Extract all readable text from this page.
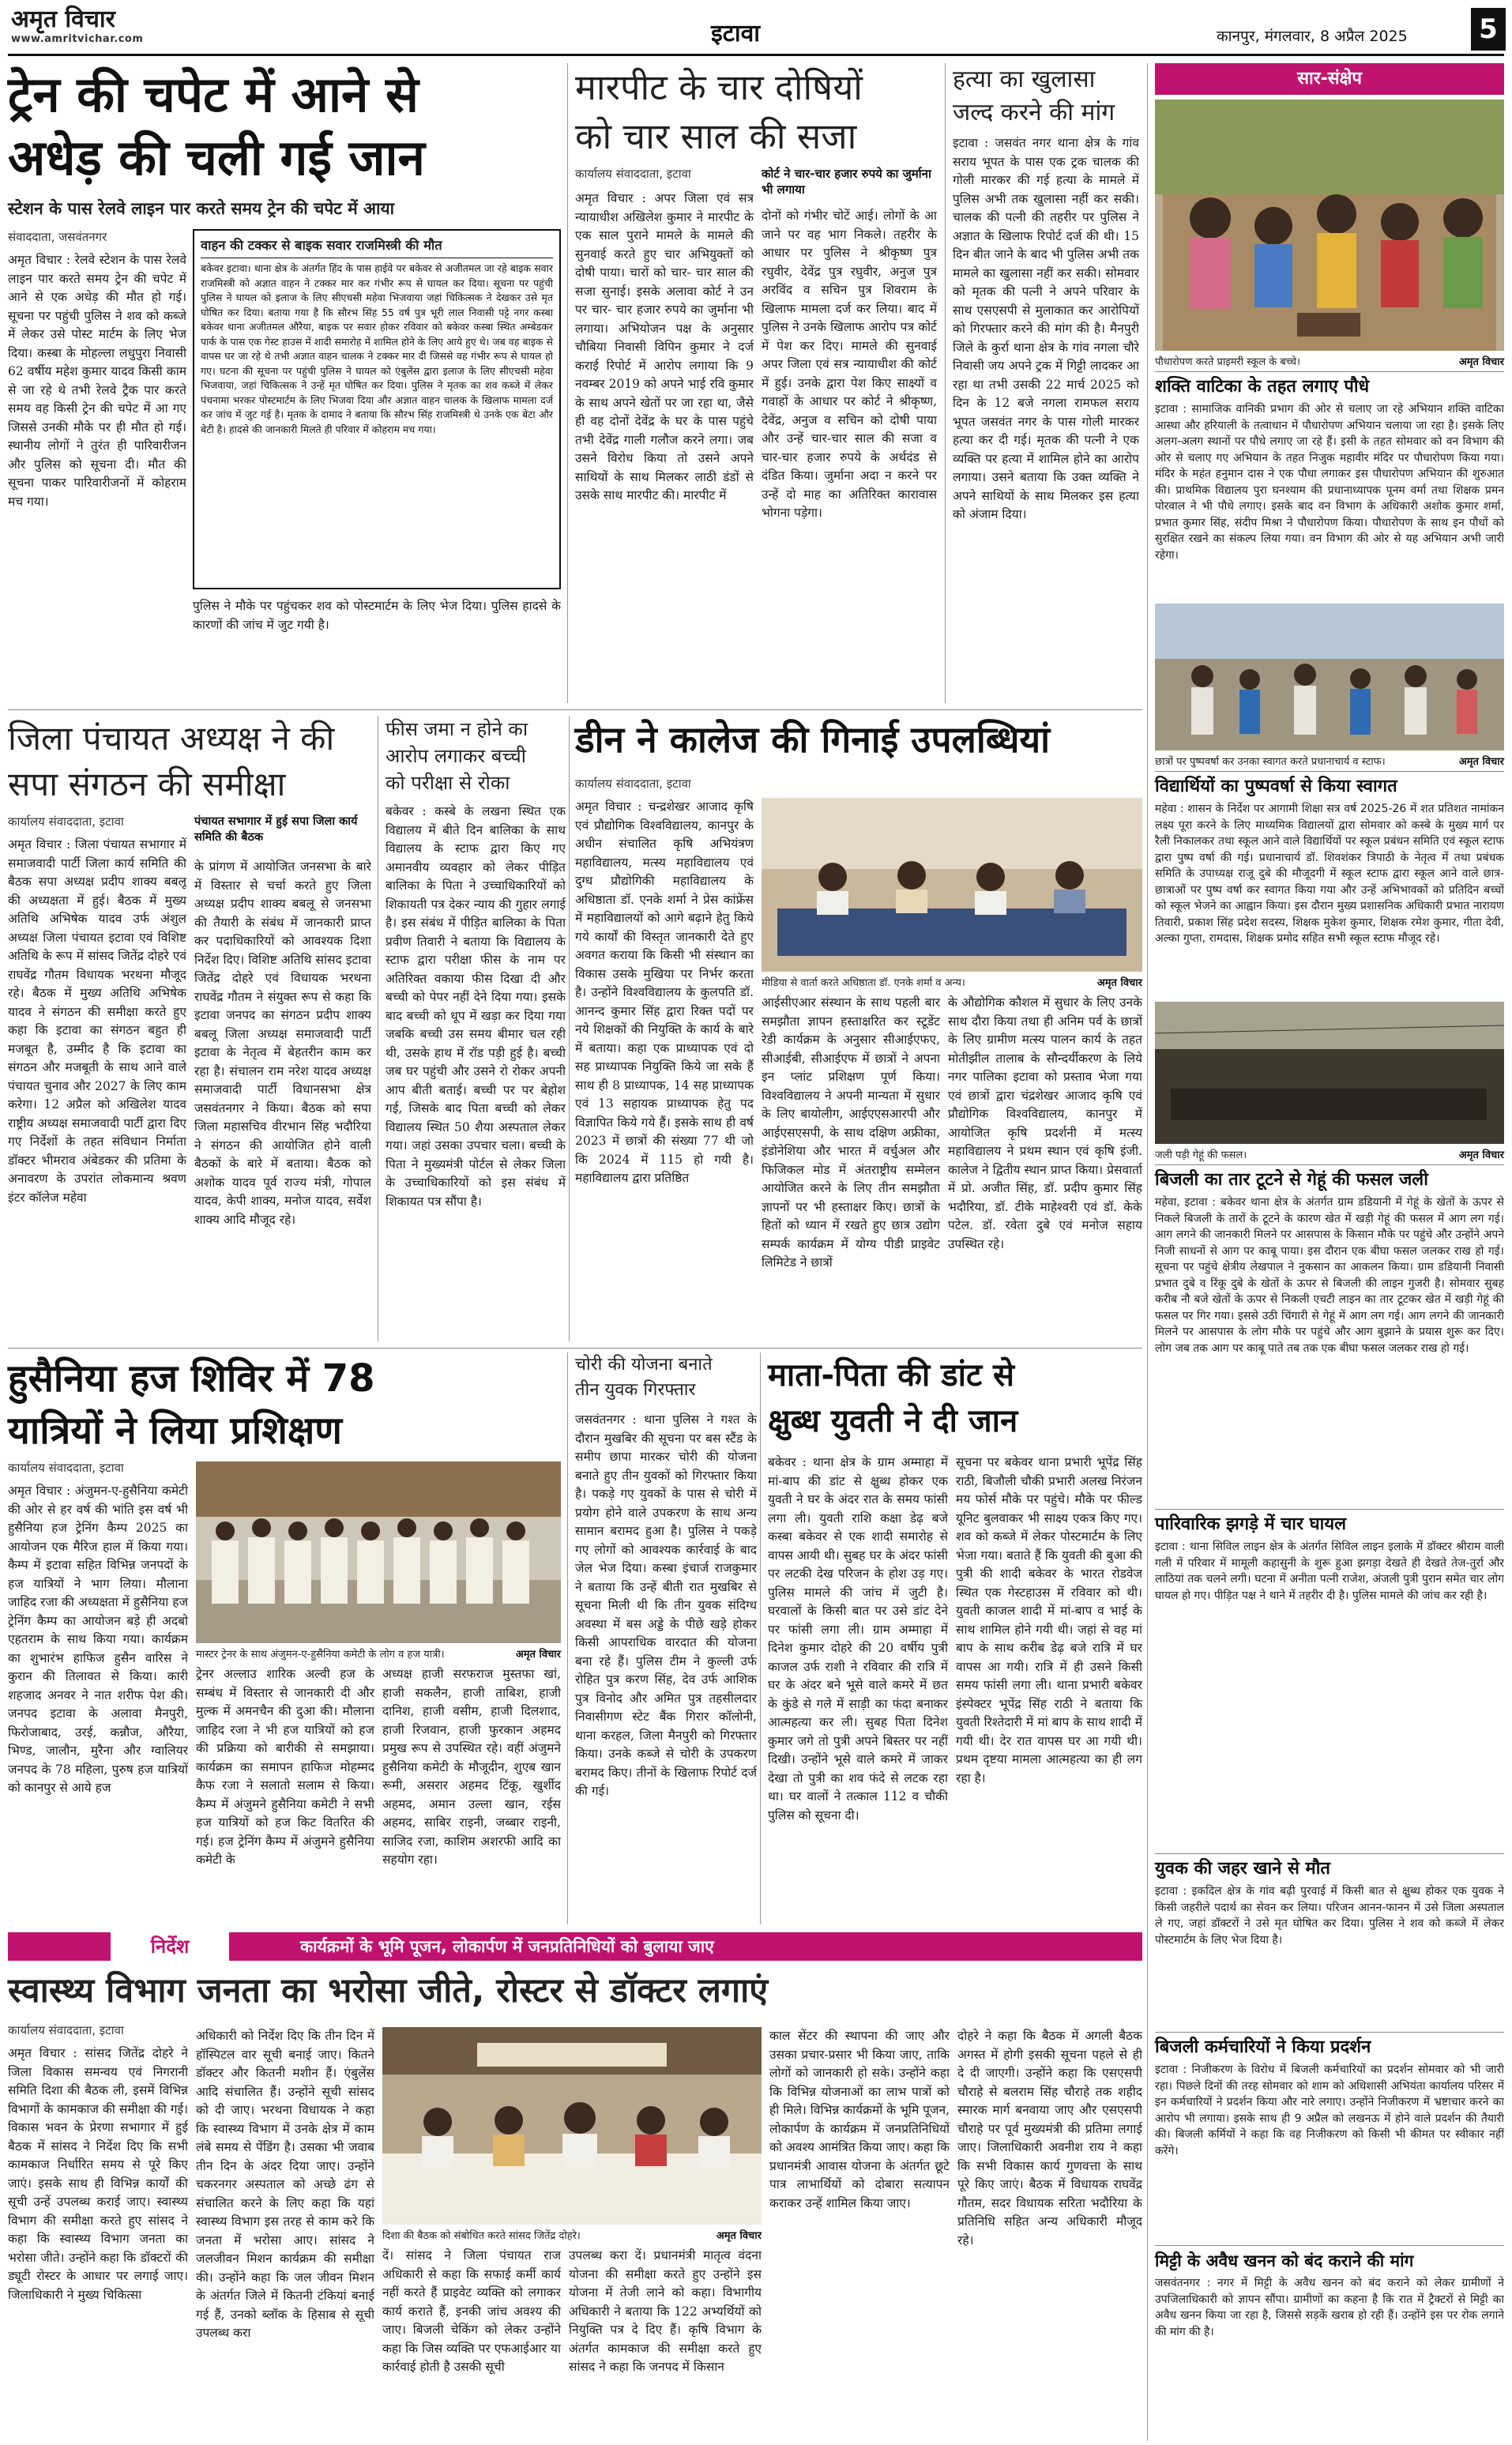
अमृत विचार
www.amritvichar.com	इटावा	कानपुर, मंगलवार, 8 अप्रैल 2025	5
ट्रेन की चपेट में आने से
अधेड़ की चली गई जान
स्टेशन के पास रेलवे लाइन पार करते समय ट्रेन की चपेट में आया
संवाददाता, जसवंतनगर
अमृत विचार : रेलवे स्टेशन के पास रेलवे लाइन पार करते समय ट्रेन की चपेट में आने से एक अधेड़ की मौत हो गई। सूचना पर पहुंची पुलिस ने शव को कब्जे में लेकर उसे पोस्ट मार्टम के लिए भेज दिया। कस्बा के मोहल्ला लधुपुरा निवासी 62 वर्षीय महेश कुमार यादव किसी काम से जा रहे थे तभी रेलवे ट्रैक पार करते समय वह किसी ट्रेन की चपेट में आ गए जिससे उनकी मौके पर ही मौत हो गई। स्थानीय लोगों ने तुरंत ही पारिवारीजन और पुलिस को सूचना दी। मौत की सूचना पाकर पारिवारीजनों में कोहराम मच गया।
वाहन की टक्कर से बाइक सवार राजमिस्त्री की मौत
बकेवर इटावा। थाना क्षेत्र के अंतर्गत हिंद के पास हाईवे पर बकेवर से अजीतमल जा रहे बाइक सवार राजमिस्त्री को अज्ञात वाहन ने टक्कर मार कर गंभीर रूप से घायल कर दिया। सूचना पर पहुंची पुलिस ने घायल को इलाज के लिए सीएचसी महेवा भिजवाया जहां चिकित्सक ने देखकर उसे मृत घोषित कर दिया। बताया गया है कि सौरभ सिंह 55 वर्ष पुत्र भूरी लाल निवासी पट्टे नगर कस्बा बकेवर थाना अजीतमल औरैया, बाइक पर सवार होकर रविवार को बकेवर कस्बा स्थित अम्बेडकर पार्क के पास एक गेस्ट हाउस में शादी समारोह में शामिल होने के लिए आये हुए थे। जब वह बाइक से वापस घर जा रहे थे तभी अज्ञात वाहन चालक ने टक्कर मार दी जिससे वह गंभीर रूप से घायल हो गए। घटना की सूचना पर पहुंची पुलिस ने घायल को एंबुलेंस द्वारा इलाज के लिए सीएचसी महेवा भिजवाया, जहां चिकित्सक ने उन्हें मृत घोषित कर दिया। पुलिस ने मृतक का शव कब्जे में लेकर पंचनामा भरकर पोस्टमार्टम के लिए भिजवा दिया और अज्ञात वाहन चालक के खिलाफ मामला दर्ज कर जांच में जुट गई है। मृतक के दामाद ने बताया कि सौरभ सिंह राजमिस्त्री थे उनके एक बेटा और बेटी है। हादसे की जानकारी मिलते ही परिवार में कोहराम मच गया।
पुलिस ने मौके पर पहुंचकर शव को पोस्टमार्टम के लिए भेज दिया। पुलिस हादसे के कारणों की जांच में जुट गयी है।
मारपीट के चार दोषियों
को चार साल की सजा
कार्यालय संवाददाता, इटावा	कोर्ट ने चार-चार हजार रुपये का जुर्माना भी लगाया
अमृत विचार : अपर जिला एवं सत्र न्यायाधीश अखिलेश कुमार ने मारपीट के एक साल पुराने मामले के मामले की सुनवाई करते हुए चार अभियुक्तों को दोषी पाया। चारों को चार- चार साल की सजा सुनाई। इसके अलावा कोर्ट ने उन पर चार- चार हजार रुपये का जुर्माना भी लगाया। अभियोजन पक्ष के अनुसार चौबिया निवासी विपिन कुमार ने दर्ज कराई रिपोर्ट में आरोप लगाया कि 9 नवम्बर 2019 को अपने भाई रवि कुमार के साथ अपने खेतों पर जा रहा था, जैसे ही वह दोनों देवेंद्र के घर के पास पहुंचे तभी देवेंद्र गाली गलौज करने लगा। जब उसने विरोध किया तो उसने अपने साथियों के साथ मिलकर लाठी डंडों से उसके साथ मारपीट की। मारपीट में
दोनों को गंभीर चोटें आई। लोगों के आ जाने पर वह भाग निकले। तहरीर के आधार पर पुलिस ने श्रीकृष्ण पुत्र रघुवीर, देवेंद्र पुत्र रघुवीर, अनुज पुत्र अरविंद व सचिन पुत्र शिवराम के खिलाफ मामला दर्ज कर लिया। बाद में पुलिस ने उनके खिलाफ आरोप पत्र कोर्ट में पेश कर दिए। मामले की सुनवाई अपर जिला एवं सत्र न्यायाधीश की कोर्ट में हुई। उनके द्वारा पेश किए साक्ष्यों व गवाहों के आधार पर कोर्ट ने श्रीकृष्ण, देवेंद्र, अनुज व सचिन को दोषी पाया और उन्हें चार-चार साल की सजा व चार-चार हजार रुपये के अर्थदंड से दंडित किया। जुर्माना अदा न करने पर उन्हें दो माह का अतिरिक्त कारावास भोगना पड़ेगा।
हत्या का खुलासा
जल्द करने की मांग
इटावा : जसवंत नगर थाना क्षेत्र के गांव सराय भूपत के पास एक ट्रक चालक की गोली मारकर की गई हत्या के मामले में पुलिस अभी तक खुलासा नहीं कर सकी। चालक की पत्नी की तहरीर पर पुलिस ने अज्ञात के खिलाफ रिपोर्ट दर्ज की थी। 15 दिन बीत जाने के बाद भी पुलिस अभी तक मामले का खुलासा नहीं कर सकी। सोमवार को मृतक की पत्नी ने अपने परिवार के साथ एसएसपी से मुलाकात कर आरोपियों को गिरफ्तार करने की मांग की है। मैनपुरी जिले के कुर्रा थाना क्षेत्र के गांव नगला चौरे निवासी जय अपने ट्रक में गिट्टी लादकर आ रहा था तभी उसकी 22 मार्च 2025 को दिन के 12 बजे नगला रामफल सराय भूपत जसवंत नगर के पास गोली मारकर हत्या कर दी गई। मृतक की पत्नी ने एक व्यक्ति पर हत्या में शामिल होने का आरोप लगाया। उसने बताया कि उक्त व्यक्ति ने अपने साथियों के साथ मिलकर इस हत्या को अंजाम दिया।
सार-संक्षेप
पौधारोपण करते प्राइमरी स्कूल के बच्चे।	अमृत विचार
शक्ति वाटिका के तहत लगाए पौधे
इटावा : सामाजिक वानिकी प्रभाग की ओर से चलाए जा रहे अभियान शक्ति वाटिका आस्था और हरियाली के तत्वाधान में पौधारोपण अभियान चलाया जा रहा है। इसके लिए अलग-अलग स्थानों पर पौधे लगाए जा रहे हैं। इसी के तहत सोमवार को वन विभाग की ओर से चलाए गए अभियान के तहत निजुक महावीर मंदिर पर पौधारोपण किया गया। मंदिर के महंत हनुमान दास ने एक पौधा लगाकर इस पौधारोपण अभियान की शुरुआत की। प्राथमिक विद्यालय पुरा घनश्याम की प्रधानाध्यापक पूनम वर्मा तथा शिक्षक प्रमन पोरवाल ने भी पौधे लगाए। इसके बाद वन विभाग के अधिकारी अशोक कुमार शर्मा, प्रभात कुमार सिंह, संदीप मिश्रा ने पौधारोपण किया। पौधारोपण के साथ इन पौधों को सुरक्षित रखने का संकल्प लिया गया। वन विभाग की ओर से यह अभियान अभी जारी रहेगा।
छात्रों पर पुष्पवर्षा कर उनका स्वागत करते प्रधानाचार्य व स्टाफ।	अमृत विचार
विद्यार्थियों का पुष्पवर्षा से किया स्वागत
महेवा : शासन के निर्देश पर आगामी शिक्षा सत्र वर्ष 2025-26 में शत प्रतिशत नामांकन लक्ष्य पूरा करने के लिए माध्यमिक विद्यालयों द्वारा सोमवार को कस्बे के मुख्य मार्ग पर रैली निकालकर तथा स्कूल आने वाले विद्यार्थियों पर स्कूल प्रबंधन समिति एवं स्कूल स्टाफ द्वारा पुष्प वर्षा की गई। प्रधानाचार्य डॉ. शिवशंकर त्रिपाठी के नेतृत्व में तथा प्रबंधक समिति के उपाध्यक्ष राजू दुबे की मौजूदगी में स्कूल स्टाफ द्वारा स्कूल आने वाले छात्र-छात्राओं पर पुष्प वर्षा कर स्वागत किया गया और उन्हें अभिभावकों को प्रतिदिन बच्चों को स्कूल भेजने का आह्वान किया। इस दौरान मुख्य प्रशासनिक अधिकारी प्रभात नारायण तिवारी, प्रकाश सिंह प्रदेश सदस्य, शिक्षक मुकेश कुमार, शिक्षक रमेश कुमार, गीता देवी, अल्का गुप्ता, रामदास, शिक्षक प्रमोद सहित सभी स्कूल स्टाफ मौजूद रहे।
जली पड़ी गेहूं की फसल।	अमृत विचार
बिजली का तार टूटने से गेहूं की फसल जली
महेवा, इटावा : बकेवर थाना क्षेत्र के अंतर्गत ग्राम डडियानी में गेहूं के खेतों के ऊपर से निकले बिजली के तारों के टूटने के कारण खेत में खड़ी गेहूं की फसल में आग लग गई। आग लगने की जानकारी मिलने पर आसपास के किसान मौके पर पहुंचे और उन्होंने अपने निजी साधनों से आग पर काबू पाया। इस दौरान एक बीघा फसल जलकर राख हो गई। सूचना पर पहुंचे क्षेत्रीय लेखपाल ने नुकसान का आकलन किया। ग्राम डडियानी निवासी प्रभात दुबे व रिंकू दुबे के खेतों के ऊपर से बिजली की लाइन गुजरी है। सोमवार सुबह करीब नौ बजे खेतों के ऊपर से निकली एचटी लाइन का तार टूटकर खेत में खड़ी गेहूं की फसल पर गिर गया। इससे उठी चिंगारी से गेहूं में आग लग गई। आग लगने की जानकारी मिलने पर आसपास के लोग मौके पर पहुंचे और आग बुझाने के प्रयास शुरू कर दिए। लोग जब तक आग पर काबू पाते तब तक एक बीघा फसल जलकर राख हो गई।
पारिवारिक झगड़े में चार घायल
इटावा : थाना सिविल लाइन क्षेत्र के अंतर्गत सिविल लाइन इलाके में डॉक्टर श्रीराम वाली गली में परिवार में मामूली कहासुनी के शुरू हुआ झगड़ा देखते ही देखते तेज-तुर्रा और लाठियां तक चलने लगी। घटना में अनीता पत्नी राजेश, अंजली पुत्री पुरान समेत चार लोग घायल हो गए। पीड़ित पक्ष ने थाने में तहरीर दी है। पुलिस मामले की जांच कर रही है।
युवक की जहर खाने से मौत
इटावा : इकदिल क्षेत्र के गांव बढ़ी पुरवाई में किसी बात से क्षुब्ध होकर एक युवक ने किसी जहरीले पदार्थ का सेवन कर लिया। परिजन आनन-फानन में उसे जिला अस्पताल ले गए, जहां डॉक्टरों ने उसे मृत घोषित कर दिया। पुलिस ने शव को कब्जे में लेकर पोस्टमार्टम के लिए भेज दिया है।
बिजली कर्मचारियों ने किया प्रदर्शन
इटावा : निजीकरण के विरोध में बिजली कर्मचारियों का प्रदर्शन सोमवार को भी जारी रहा। पिछले दिनों की तरह सोमवार को शाम को अधिशासी अभियंता कार्यालय परिसर में इन कर्मचारियों ने प्रदर्शन किया और नारे लगाए। उन्होंने निजीकरण में भ्रष्टाचार करने का आरोप भी लगाया। इसके साथ ही 9 अप्रैल को लखनऊ में होने वाले प्रदर्शन की तैयारी की। बिजली कर्मियों ने कहा कि वह निजीकरण को किसी भी कीमत पर स्वीकार नहीं करेंगे।
मिट्टी के अवैध खनन को बंद कराने की मांग
जसवंतनगर : नगर में मिट्टी के अवैध खनन को बंद कराने को लेकर ग्रामीणों ने उपजिलाधिकारी को ज्ञापन सौंपा। ग्रामीणों का कहना है कि रात में ट्रैक्टरों से मिट्टी का अवैध खनन किया जा रहा है, जिससे सड़कें खराब हो रही हैं। उन्होंने इस पर रोक लगाने की मांग की है।
जिला पंचायत अध्यक्ष ने की
सपा संगठन की समीक्षा
कार्यालय संवाददाता, इटावा	पंचायत सभागार में हुई सपा जिला कार्य समिति की बैठक
अमृत विचार : जिला पंचायत सभागार में समाजवादी पार्टी जिला कार्य समिति की बैठक सपा अध्यक्ष प्रदीप शाक्य बबलू की अध्यक्षता में हुई। बैठक में मुख्य अतिथि अभिषेक यादव उर्फ अंशुल अध्यक्ष जिला पंचायत इटावा एवं विशिष्ट अतिथि के रूप में सांसद जितेंद्र दोहरे एवं राघवेंद्र गौतम विधायक भरथना मौजूद रहे। बैठक में मुख्य अतिथि अभिषेक यादव ने संगठन की समीक्षा करते हुए कहा कि इटावा का संगठन बहुत ही मजबूत है, उम्मीद है कि इटावा का संगठन और मजबूती के साथ आने वाले पंचायत चुनाव और 2027 के लिए काम करेगा। 12 अप्रैल को अखिलेश यादव राष्ट्रीय अध्यक्ष समाजवादी पार्टी द्वारा दिए गए निर्देशों के तहत संविधान निर्माता डॉक्टर भीमराव अंबेडकर की प्रतिमा के अनावरण के उपरांत लोकमान्य श्रवण इंटर कॉलेज महेवा
के प्रांगण में आयोजित जनसभा के बारे में विस्तार से चर्चा करते हुए जिला अध्यक्ष प्रदीप शाक्य बबलू से जनसभा की तैयारी के संबंध में जानकारी प्राप्त कर पदाधिकारियों को आवश्यक दिशा निर्देश दिए। विशिष्ट अतिथि सांसद इटावा जितेंद्र दोहरे एवं विधायक भरथना राघवेंद्र गौतम ने संयुक्त रूप से कहा कि इटावा जनपद का संगठन प्रदीप शाक्य बबलू जिला अध्यक्ष समाजवादी पार्टी इटावा के नेतृत्व में बेहतरीन काम कर रहा है। संचालन राम नरेश यादव अध्यक्ष समाजवादी पार्टी विधानसभा क्षेत्र जसवंतनगर ने किया। बैठक को सपा जिला महासचिव वीरभान सिंह भदौरिया ने संगठन की आयोजित होने वाली बैठकों के बारे में बताया। बैठक को अशोक यादव पूर्व राज्य मंत्री, गोपाल यादव, केपी शाक्य, मनोज यादव, सर्वेश शाक्य आदि मौजूद रहे।
फीस जमा न होने का
आरोप लगाकर बच्ची
को परीक्षा से रोका
बकेवर : कस्बे के लखना स्थित एक विद्यालय में बीते दिन बालिका के साथ विद्यालय के स्टाफ द्वारा किए गए अमानवीय व्यवहार को लेकर पीड़ित बालिका के पिता ने उच्चाधिकारियों को शिकायती पत्र देकर न्याय की गुहार लगाई है। इस संबंध में पीड़ित बालिका के पिता प्रवीण तिवारी ने बताया कि विद्यालय के स्टाफ द्वारा परीक्षा फीस के नाम पर अतिरिक्त वकाया फीस दिखा दी और बच्ची को पेपर नहीं देने दिया गया। इसके बाद बच्ची को धूप में खड़ा कर दिया गया जबकि बच्ची उस समय बीमार चल रही थी, उसके हाथ में रॉड पड़ी हुई है। बच्ची जब घर पहुंची और उसने रो रोकर अपनी आप बीती बताई। बच्ची पर पर बेहोश गई, जिसके बाद पिता बच्ची को लेकर विद्यालय स्थित 50 शैया अस्पताल लेकर गया। जहां उसका उपचार चला। बच्ची के पिता ने मुख्यमंत्री पोर्टल से लेकर जिला के उच्चाधिकारियों को इस संबंध में शिकायत पत्र सौंपा है।
डीन ने कालेज की गिनाई उपलब्धियां
कार्यालय संवाददाता, इटावा
अमृत विचार : चन्द्रशेखर आजाद कृषि एवं प्रौद्योगिक विश्वविद्यालय, कानपुर के अधीन संचालित कृषि अभियंत्रण महाविद्यालय, मत्स्य महाविद्यालय एवं दुग्ध प्रौद्योगिकी महाविद्यालय के अधिष्ठाता डॉ. एनके शर्मा ने प्रेस कांफ्रेंस में महाविद्यालयों को आगे बढ़ाने हेतु किये गये कार्यों की विस्तृत जानकारी देते हुए अवगत कराया कि किसी भी संस्थान का विकास उसके मुखिया पर निर्भर करता है। उन्होंने विश्वविद्यालय के कुलपति डॉ. आनन्द कुमार सिंह द्वारा रिक्त पदों पर नये शिक्षकों की नियुक्ति के कार्य के बारे में बताया। कहा एक प्राध्यापक एवं दो सह प्राध्यापक नियुक्ति किये जा सके हैं साथ ही 8 प्राध्यापक, 14 सह प्राध्यापक एवं 13 सहायक प्राध्यापक हेतु पद विज्ञापित किये गये हैं। इसके साथ ही वर्ष 2023 में छात्रों की संख्या 77 थी जो कि 2024 में 115 हो गयी है। महाविद्यालय द्वारा प्रतिष्ठित
मीडिया से वार्ता करते अधिष्ठाता डॉ. एनके शर्मा व अन्य।	अमृत विचार
आईसीएआर संस्थान के साथ पहली बार समझौता ज्ञापन हस्ताक्षरित कर स्टूडेंट रेडी कार्यक्रम के अनुसार सीआईएफए, सीआईबी, सीआईएफ में छात्रों ने अपना इन प्लांट प्रशिक्षण पूर्ण किया। विश्वविद्यालय ने अपनी मान्यता में सुधार के लिए बायोलीग, आईएएसआरपी और आईएसएसपी, के साथ दक्षिण अफ्रीका, इंडोनेशिया और भारत में वर्चुअल और फिजिकल मोड में अंतराष्ट्रीय सम्मेलन आयोजित करने के लिए तीन समझौता ज्ञापनों पर भी हस्ताक्षर किए। छात्रों के हितों को ध्यान में रखते हुए छात्र उद्योग सम्पर्क कार्यक्रम में योग्य पीडी प्राइवेट लिमिटेड ने छात्रों
के औद्योगिक कौशल में सुधार के लिए उनके साथ दौरा किया तथा ही अनिम पर्व के छात्रों के लिए ग्रामीण मत्स्य पालन कार्य के तहत मोतीझील तालाब के सौन्दर्यीकरण के लिये नगर पालिका इटावा को प्रस्ताव भेजा गया एवं छात्रों द्वारा चंद्रशेखर आजाद कृषि एवं प्रौद्योगिक विश्वविद्यालय, कानपुर में आयोजित कृषि प्रदर्शनी में मत्स्य महाविद्यालय ने प्रथम स्थान एवं कृषि इंजी. कालेज ने द्वितीय स्थान प्राप्त किया। प्रेसवार्ता में प्रो. अजीत सिंह, डॉ. प्रदीप कुमार सिंह भदौरिया, डॉ. टीके माहेश्वरी एवं डॉ. केके पटेल. डॉ. रवेता दुबे एवं मनोज सहाय उपस्थित रहे।
हुसैनिया हज शिविर में 78
यात्रियों ने लिया प्रशिक्षण
कार्यालय संवाददाता, इटावा
अमृत विचार : अंजुमन-ए-हुसैनिया कमेटी की ओर से हर वर्ष की भांति इस वर्ष भी हुसैनिया हज ट्रेनिंग कैम्प 2025 का आयोजन एक मैरिज हाल में किया गया। कैम्प में इटावा सहित विभिन्न जनपदों के हज यात्रियों ने भाग लिया। मौलाना जाहिद रजा की अध्यक्षता में हुसैनिया हज ट्रेनिंग कैम्प का आयोजन बड़े ही अदबो एहतराम के साथ किया गया। कार्यक्रम का शुभारंभ हाफिज हुसैन वारिस ने कुरान की तिलावत से किया। कारी शहजाद अनवर ने नात शरीफ पेश की। जनपद इटावा के अलावा मैनपुरी, फिरोजाबाद, उरई, कन्नौज, औरैया, भिण्ड, जालौन, मुरैना और ग्वालियर जनपद के 78 महिला, पुरुष हज यात्रियों को कानपुर से आये हज
मास्टर ट्रेनर के साथ अंजुमन-ए-हुसैनिया कमेटी के लोग व हज यात्री।	अमृत विचार
ट्रेनर अल्लाउ शारिक अल्वी हज के सम्बंध में विस्तार से जानकारी दी और मुल्क में अमनचैन की दुआ की। मौलाना जाहिद रजा ने भी हज यात्रियों को हज की प्रक्रिया को बारीकी से समझाया। कार्यक्रम का समापन हाफिज मोहम्मद कैफ रजा ने सलातो सलाम से किया। कैम्प में अंजुमने हुसैनिया कमेटी ने सभी हज यात्रियों को हज किट वितरित की गई। हज ट्रेनिंग कैम्प में अंजुमने हुसैनिया कमेटी के
अध्यक्ष हाजी सरफराज मुस्तफा खां, हाजी सकलैन, हाजी ताबिश, हाजी दानिश, हाजी वसीम, हाजी दिलशाद, हाजी रिजवान, हाजी फुरकान अहमद प्रमुख रूप से उपस्थित रहे। वहीं अंजुमने हुसैनिया कमेटी के मौजूदीन, शुएब खान रूमी, असरार अहमद टिंकू, खुर्शीद अहमद, अमान उल्ला खान, रईस अहमद, साबिर राइनी, जब्बार राइनी, साजिद रजा, काशिम अशरफी आदि का सहयोग रहा।
चोरी की योजना बनाते
तीन युवक गिरफ्तार
जसवंतनगर : थाना पुलिस ने गश्त के दौरान मुखबिर की सूचना पर बस स्टैंड के समीप छापा मारकर चोरी की योजना बनाते हुए तीन युवकों को गिरफ्तार किया है। पकड़े गए युवकों के पास से चोरी में प्रयोग होने वाले उपकरण के साथ अन्य सामान बरामद हुआ है। पुलिस ने पकड़े गए लोगों को आवश्यक कार्रवाई के बाद जेल भेज दिया। कस्बा इंचार्ज राजकुमार ने बताया कि उन्हें बीती रात मुखबिर से सूचना मिली थी कि तीन युवक संदिग्ध अवस्था में बस अड्डे के पीछे खड़े होकर किसी आपराधिक वारदात की योजना बना रहे हैं। पुलिस टीम ने कुल्ली उर्फ रोहित पुत्र करण सिंह, देव उर्फ आशिक पुत्र विनोद और अमित पुत्र तहसीलदार निवासीगण स्टेट बैंक गिरार कॉलोनी, थाना करहल, जिला मैनपुरी को गिरफ्तार किया। उनके कब्जे से चोरी के उपकरण बरामद किए। तीनों के खिलाफ रिपोर्ट दर्ज की गई।
माता-पिता की डांट से
क्षुब्ध युवती ने दी जान
बकेवर : थाना क्षेत्र के ग्राम अम्माहा में मां-बाप की डांट से क्षुब्ध होकर एक युवती ने घर के अंदर रात के समय फांसी लगा ली। युवती राशि कक्षा डेढ़ बजे कस्बा बकेवर से एक शादी समारोह से वापस आयी थी। सुबह घर के अंदर फांसी पर लटकी देख परिजन के होश उड़ गए। पुलिस मामले की जांच में जुटी है। घरवालों के किसी बात पर उसे डांट देने पर फांसी लगा ली। ग्राम अम्माहा में दिनेश कुमार दोहरे की 20 वर्षीय पुत्री काजल उर्फ राशी ने रविवार की रात्रि में घर के अंदर बने भूसे वाले कमरे में छत के कुंडे से गले में साड़ी का फंदा बनाकर आत्महत्या कर ली। सुबह पिता दिनेश कुमार जगे तो पुत्री अपने बिस्तर पर नहीं दिखी। उन्होंने भूसे वाले कमरे में जाकर देखा तो पुत्री का शव फंदे से लटक रहा था। घर वालों ने तत्काल 112 व चौकी पुलिस को सूचना दी।
सूचना पर बकेवर थाना प्रभारी भूपेंद्र सिंह राठी, बिजौली चौकी प्रभारी अलख निरंजन मय फोर्स मौके पर पहुंचे। मौके पर फील्ड यूनिट बुलवाकर भी साक्ष्य एकत्र किए गए। शव को कब्जे में लेकर पोस्टमार्टम के लिए भेजा गया। बताते हैं कि युवती की बुआ की पुत्री की शादी बकेवर के भारत रोडवेज स्थित एक गेस्टहाउस में रविवार को थी। युवती काजल शादी में मां-बाप व भाई के साथ शामिल होने गयी थी। जहां से वह मां बाप के साथ करीब डेढ़ बजे रात्रि में घर वापस आ गयी। रात्रि में ही उसने किसी समय फांसी लगा ली। थाना प्रभारी बकेवर इंस्पेक्टर भूपेंद्र सिंह राठी ने बताया कि युवती रिश्तेदारी में मां बाप के साथ शादी में गयी थी। देर रात वापस घर आ गयी थी। प्रथम दृष्टया मामला आत्महत्या का ही लग रहा है।
निर्देश	कार्यक्रमों के भूमि पूजन, लोकार्पण में जनप्रतिनिधियों को बुलाया जाए
स्वास्थ्य विभाग जनता का भरोसा जीते, रोस्टर से डॉक्टर लगाएं
कार्यालय संवाददाता, इटावा
अमृत विचार : सांसद जितेंद्र दोहरे ने जिला विकास समन्वय एवं निगरानी समिति दिशा की बैठक ली, इसमें विभिन्न विभागों के कामकाज की समीक्षा की गई। विकास भवन के प्रेरणा सभागार में हुई बैठक में सांसद ने निर्देश दिए कि सभी कामकाज निर्धारित समय से पूरे किए जाएं। इसके साथ ही विभिन्न कार्यों की सूची उन्हें उपलब्ध कराई जाए। स्वास्थ्य विभाग की समीक्षा करते हुए सांसद ने कहा कि स्वास्थ्य विभाग जनता का भरोसा जीते। उन्होंने कहा कि डॉक्टरों की ड्यूटी रोस्टर के आधार पर लगाई जाए। जिलाधिकारी ने मुख्य चिकित्सा
अधिकारी को निर्देश दिए कि तीन दिन में हॉस्पिटल वार सूची बनाई जाए। कितने डॉक्टर और कितनी मशीन हैं। एंबुलेंस आदि संचालित हैं। उन्होंने सूची सांसद को दी जाए। भरथना विधायक ने कहा कि स्वास्थ्य विभाग में उनके क्षेत्र में काम लंबे समय से पेंडिंग है। उसका भी जवाब तीन दिन के अंदर दिया जाए। उन्होंने चकरनगर अस्पताल को अच्छे ढंग से संचालित करने के लिए कहा कि यहां स्वास्थ्य विभाग इस तरह से काम करे कि जनता में भरोसा आए। सांसद ने जलजीवन मिशन कार्यक्रम की समीक्षा की। उन्होंने कहा कि जल जीवन मिशन के अंतर्गत जिले में कितनी टंकियां बनाई गई हैं, उनको ब्लॉक के हिसाब से सूची उपलब्ध करा
दिशा की बैठक को संबोधित करते सांसद जितेंद्र दोहरे।	अमृत विचार
दें। सांसद ने जिला पंचायत राज अधिकारी से कहा कि सफाई कर्मी कार्य नहीं करते हैं प्राइवेट व्यक्ति को लगाकर कार्य कराते हैं, इनकी जांच अवश्य की जाए। बिजली चेकिंग को लेकर उन्होंने कहा कि जिस व्यक्ति पर एफआईआर या कार्रवाई होती है उसकी सूची
उपलब्ध करा दें। प्रधानमंत्री मातृत्व वंदना योजना की समीक्षा करते हुए उन्होंने इस योजना में तेजी लाने को कहा। विभागीय अधिकारी ने बताया कि 122 अभ्यर्थियों को नियुक्ति पत्र दे दिए हैं। कृषि विभाग के अंतर्गत कामकाज की समीक्षा करते हुए सांसद ने कहा कि जनपद में किसान
काल सेंटर की स्थापना की जाए और उसका प्रचार-प्रसार भी किया जाए, ताकि लोगों को जानकारी हो सके। उन्होंने कहा कि विभिन्न योजनाओं का लाभ पात्रों को ही मिले। विभिन्न कार्यक्रमों के भूमि पूजन, लोकार्पण के कार्यक्रम में जनप्रतिनिधियों को अवश्य आमंत्रित किया जाए। कहा कि प्रधानमंत्री आवास योजना के अंतर्गत छूटे पात्र लाभार्थियों को दोबारा सत्यापन कराकर उन्हें शामिल किया जाए।
दोहरे ने कहा कि बैठक में अगली बैठक अगस्त में होगी इसकी सूचना पहले से ही दे दी जाएगी। उन्होंने कहा कि एसएसपी चौराहे से बलराम सिंह चौराहे तक शहीद स्मारक मार्ग बनवाया जाए और एसएसपी चौराहे पर पूर्व मुख्यमंत्री की प्रतिमा लगाई जाए। जिलाधिकारी अवनीश राय ने कहा कि सभी विकास कार्य गुणवत्ता के साथ पूरे किए जाएं। बैठक में विधायक राघवेंद्र गौतम, सदर विधायक सरिता भदौरिया के प्रतिनिधि सहित अन्य अधिकारी मौजूद रहे।
